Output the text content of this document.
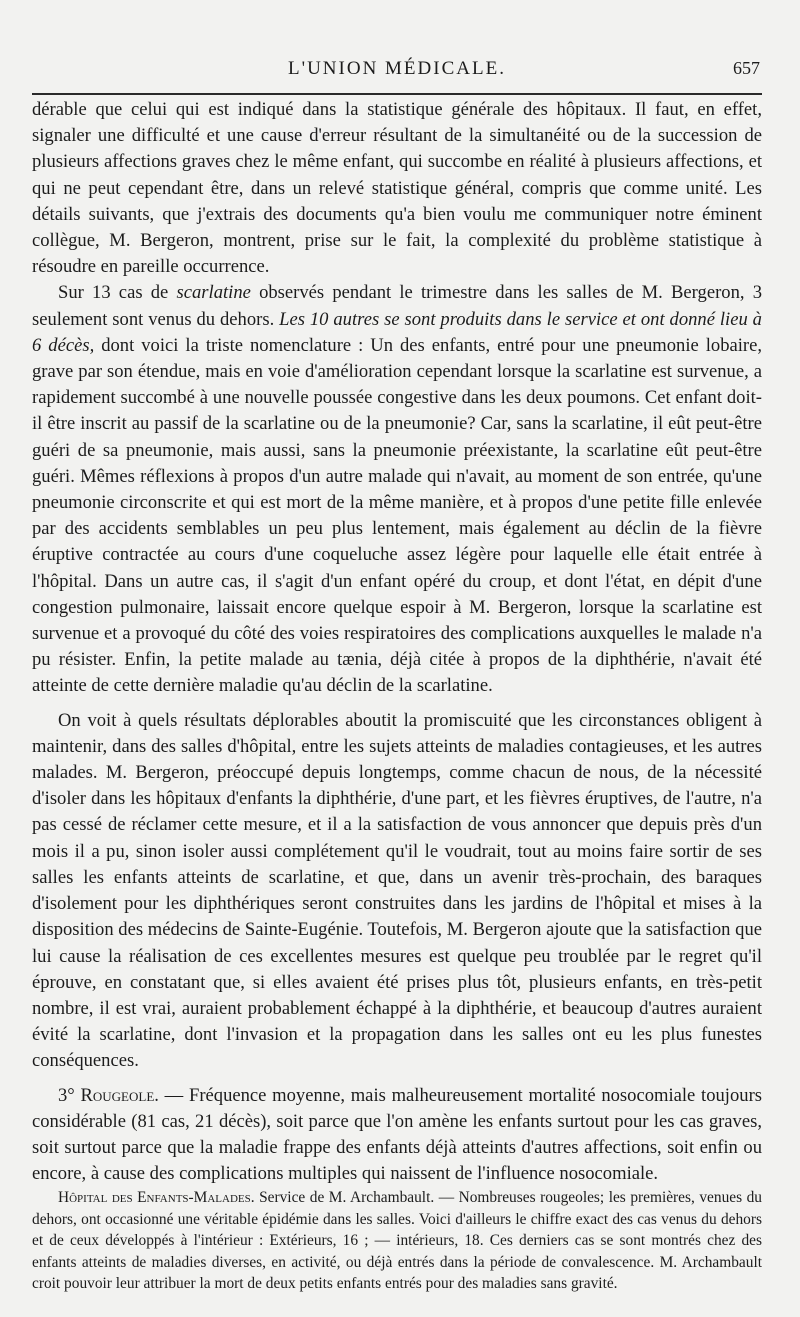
L'UNION MÉDICALE.	657

dérable que celui qui est indiqué dans la statistique générale des hôpitaux. Il faut, en effet, signaler une difficulté et une cause d'erreur résultant de la simultanéité ou de la succession de plusieurs affections graves chez le même enfant, qui succombe en réalité à plusieurs affections, et qui ne peut cependant être, dans un relevé statistique général, compris que comme unité. Les détails suivants, que j'extrais des documents qu'a bien voulu me communiquer notre éminent collègue, M. Bergeron, montrent, prise sur le fait, la complexité du problème statistique à résoudre en pareille occurrence.

Sur 13 cas de scarlatine observés pendant le trimestre dans les salles de M. Bergeron, 3 seulement sont venus du dehors. Les 10 autres se sont produits dans le service et ont donné lieu à 6 décès, dont voici la triste nomenclature : Un des enfants, entré pour une pneumonie lobaire, grave par son étendue, mais en voie d'amélioration cependant lorsque la scarlatine est survenue, a rapidement succombé à une nouvelle poussée congestive dans les deux poumons. Cet enfant doit-il être inscrit au passif de la scarlatine ou de la pneumonie? Car, sans la scarlatine, il eût peut-être guéri de sa pneumonie, mais aussi, sans la pneumonie préexistante, la scarlatine eût peut-être guéri. Mêmes réflexions à propos d'un autre malade qui n'avait, au moment de son entrée, qu'une pneumonie circonscrite et qui est mort de la même manière, et à propos d'une petite fille enlevée par des accidents semblables un peu plus lentement, mais également au déclin de la fièvre éruptive contractée au cours d'une coqueluche assez légère pour laquelle elle était entrée à l'hôpital. Dans un autre cas, il s'agit d'un enfant opéré du croup, et dont l'état, en dépit d'une congestion pulmonaire, laissait encore quelque espoir à M. Bergeron, lorsque la scarlatine est survenue et a provoqué du côté des voies respiratoires des complications auxquelles le malade n'a pu résister. Enfin, la petite malade au tænia, déjà citée à propos de la diphthérie, n'avait été atteinte de cette dernière maladie qu'au déclin de la scarlatine.

On voit à quels résultats déplorables aboutit la promiscuité que les circonstances obligent à maintenir, dans des salles d'hôpital, entre les sujets atteints de maladies contagieuses, et les autres malades. M. Bergeron, préoccupé depuis longtemps, comme chacun de nous, de la nécessité d'isoler dans les hôpitaux d'enfants la diphthérie, d'une part, et les fièvres éruptives, de l'autre, n'a pas cessé de réclamer cette mesure, et il a la satisfaction de vous annoncer que depuis près d'un mois il a pu, sinon isoler aussi complétement qu'il le voudrait, tout au moins faire sortir de ses salles les enfants atteints de scarlatine, et que, dans un avenir très-prochain, des baraques d'isolement pour les diphthériques seront construites dans les jardins de l'hôpital et mises à la disposition des médecins de Sainte-Eugénie. Toutefois, M. Bergeron ajoute que la satisfaction que lui cause la réalisation de ces excellentes mesures est quelque peu troublée par le regret qu'il éprouve, en constatant que, si elles avaient été prises plus tôt, plusieurs enfants, en très-petit nombre, il est vrai, auraient probablement échappé à la diphthérie, et beaucoup d'autres auraient évité la scarlatine, dont l'invasion et la propagation dans les salles ont eu les plus funestes conséquences.

3° Rougeole. — Fréquence moyenne, mais malheureusement mortalité nosocomiale toujours considérable (81 cas, 21 décès), soit parce que l'on amène les enfants surtout pour les cas graves, soit surtout parce que la maladie frappe des enfants déjà atteints d'autres affections, soit enfin ou encore, à cause des complications multiples qui naissent de l'influence nosocomiale.

Hôpital des Enfants-Malades. Service de M. Archambault. — Nombreuses rougeoles; les premières, venues du dehors, ont occasionné une véritable épidémie dans les salles. Voici d'ailleurs le chiffre exact des cas venus du dehors et de ceux développés à l'intérieur : Extérieurs, 16 ; — intérieurs, 18. Ces derniers cas se sont montrés chez des enfants atteints de maladies diverses, en activité, ou déjà entrés dans la période de convalescence. M. Archambault croit pouvoir leur attribuer la mort de deux petits enfants entrés pour des maladies sans gravité.
